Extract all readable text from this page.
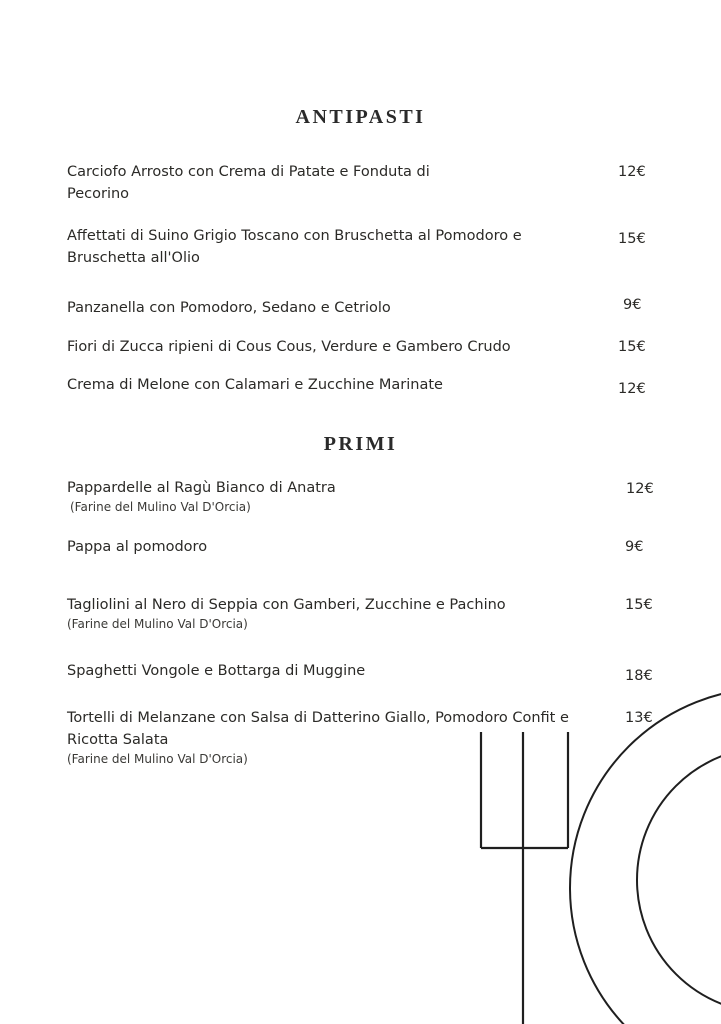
ANTIPASTI
Carciofo Arrosto con Crema di Patate e Fonduta di Pecorino
12€
Affettati di Suino Grigio Toscano con Bruschetta al Pomodoro e Bruschetta all'Olio
15€
Panzanella con Pomodoro, Sedano e Cetriolo	9€
Fiori di Zucca ripieni di Cous Cous, Verdure e Gambero Crudo	15€
Crema di Melone con Calamari e Zucchine Marinate	12€
PRIMI
Pappardelle al Ragù Bianco di Anatra
(Farine del Mulino Val D'Orcia)
12€
Pappa al pomodoro	9€
Tagliolini al Nero di Seppia con Gamberi, Zucchine e Pachino
(Farine del Mulino Val D'Orcia)
15€
Spaghetti Vongole e Bottarga di Muggine	18€
Tortelli di Melanzane con Salsa di Datterino Giallo, Pomodoro Confit e Ricotta Salata
(Farine del Mulino Val D'Orcia)
13€
